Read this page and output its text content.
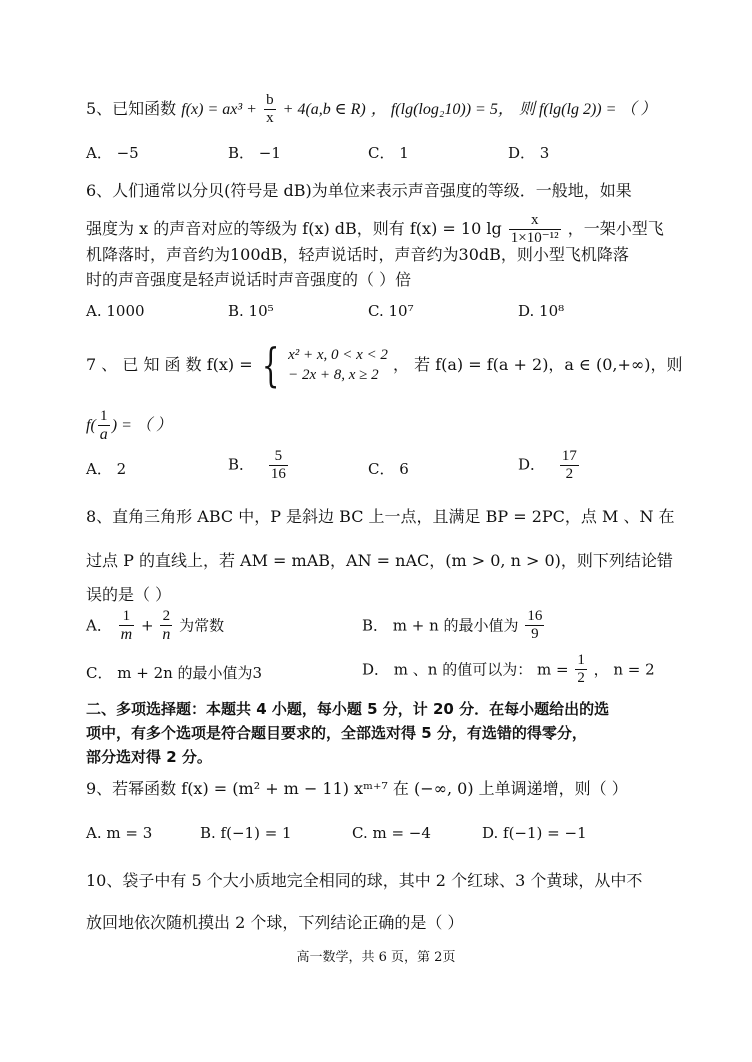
5、已知函数 $f(x) = ax^3 + \frac{b}{x} + 4(a,b$ ∈ R) ， f(lg(log₂10)) = 5， 则 f(lg(lg 2)) = （ ）
A． −5	B． −1	C． 1	D． 3
6、人们通常以分贝(符号是 dB)为单位来表示声音强度的等级．一般地，如果
强度为 x 的声音对应的等级为 f(x) dB，则有 f(x) = 10 $\lg \frac{x}{\text{1×10⁻¹²}}$ ，一架小型飞
机降落时，声音约为100dB，轻声说话时，声音约为30dB，则小型飞机降落
时的声音强度是轻声说话时声音强度的（ ）倍
A. 1000	B. 10⁵	C. 10⁷	D. 10⁸
7 、 已 知 函 数 f(x) = { x² + x, 0 < x < 2
− 2x + 8, x ≥ 2
， 若 f(a) = f(a + 2)，a ∈ (0,+∞)，则
$f( \frac{1}{a}$ ) = （ ）
A． 2	B． $\frac{5}{16}$	C． 6	D． $\frac{17}{2}$
8、直角三角形 ABC 中，P 是斜边 BC 上一点，且满足 BP = 2PC，点 M 、N 在
过点 P 的直线上，若 AM = mAB，AN = nAC，(m > 0, n > 0)，则下列结论错
误的是（ ）
A． $\frac{1}{m} + \frac{2}{n}$ 为常数	B． m + n 的最小值为 $\frac{16}{9}$
C． m + 2n 的最小值为3	D． m 、n 的值可以为： $m = \frac{1}{2}$ ， n = 2
二、多项选择题：本题共 4 小题，每小题 5 分，计 20 分．在每小题给出的选
项中，有多个选项是符合题目要求的，全部选对得 5 分，有选错的得零分，
部分选对得 2 分。
9、若幂函数 f(x) = (m² + m − 11) xᵐ⁺⁷ 在 (−∞, 0) 上单调递增，则（ ）
A. m = 3	B. f(−1) = 1	C. m = −4	D. f(−1) = −1
10、袋子中有 5 个大小质地完全相同的球，其中 2 个红球、3 个黄球，从中不
放回地依次随机摸出 2 个球，下列结论正确的是（ ）
高一数学，共 6 页，第 2页
